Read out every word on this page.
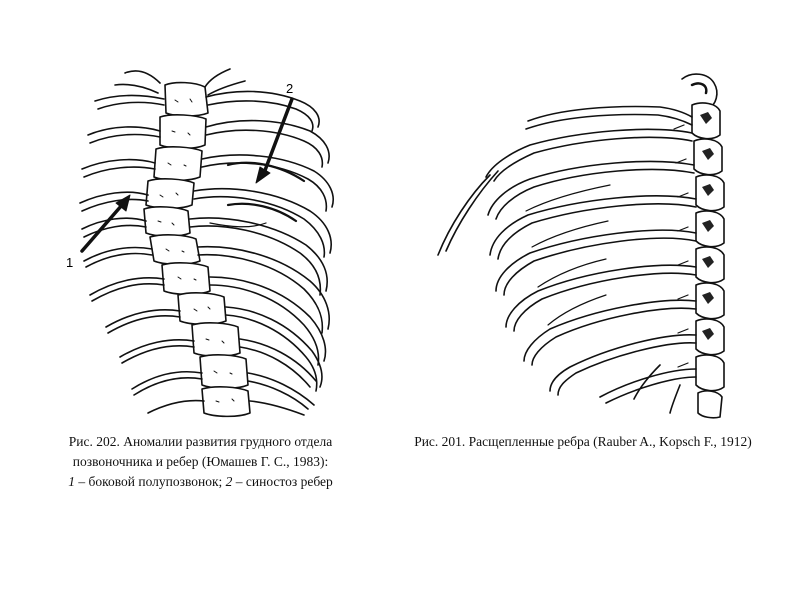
2
1
Рис. 202. Аномалии развития грудного отдела
позвоночника и ребер (Юмашев Г. С., 1983):
1 – боковой полупозвонок; 2 – синостоз ребер
Рис. 201. Расщепленные ребра (Rauber A., Kopsch F., 1912)
